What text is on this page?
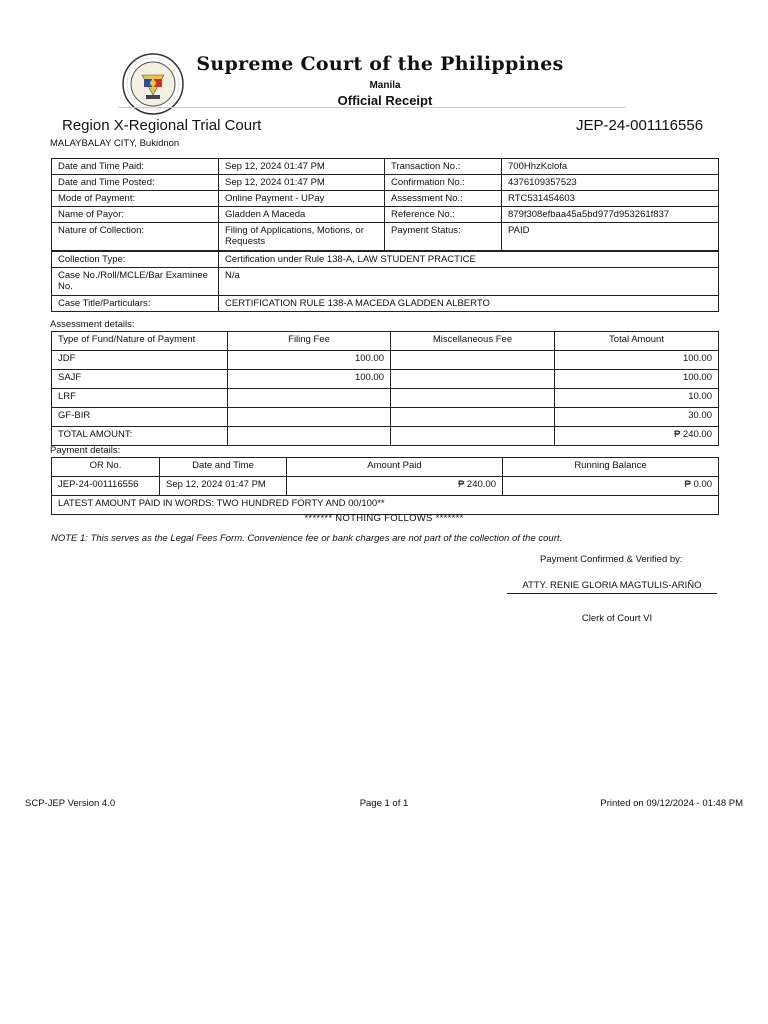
Supreme Court of the Philippines
Manila
Official Receipt
Region X-Regional Trial Court	JEP-24-001116556
MALAYBALAY CITY, Bukidnon
Date and Time Paid:	Sep 12, 2024 01:47 PM	Transaction No.:	700HhzKclofa
Date and Time Posted:	Sep 12, 2024 01:47 PM	Confirmation No.:	4376109357523
Mode of Payment:	Online Payment - UPay	Assessment No.:	RTC531454603
Name of Payor:	Gladden A Maceda	Reference No.:	879f308efbaa45a5bd977d953261f837
Nature of Collection:	Filing of Applications, Motions, or Requests	Payment Status:	PAID
Collection Type:	Certification under Rule 138-A, LAW STUDENT PRACTICE		
Case No./Roll/MCLE/Bar Examinee No.	N/a		
Case Title/Particulars:	CERTIFICATION RULE 138-A MACEDA GLADDEN ALBERTO		
Assessment details:
Type of Fund/Nature of Payment	Filing Fee	Miscellaneous Fee	Total Amount
JDF	100.00		100.00
SAJF	100.00		100.00
LRF			10.00
GF-BIR			30.00
TOTAL AMOUNT:			₱ 240.00
Payment details:
OR No.	Date and Time	Amount Paid	Running Balance
JEP-24-001116556	Sep 12, 2024 01:47 PM	₱ 240.00	₱ 0.00
LATEST AMOUNT PAID IN WORDS: TWO HUNDRED FORTY AND 00/100**			
******* NOTHING FOLLOWS *******
NOTE 1: This serves as the Legal Fees Form. Convenience fee or bank charges are not part of the collection of the court.
Payment Confirmed & Verified by:
ATTY. RENIE GLORIA MAGTULIS-ARIÑO
Clerk of Court VI
SCP-JEP Version 4.0	Page 1 of 1	Printed on 09/12/2024 - 01:48 PM
